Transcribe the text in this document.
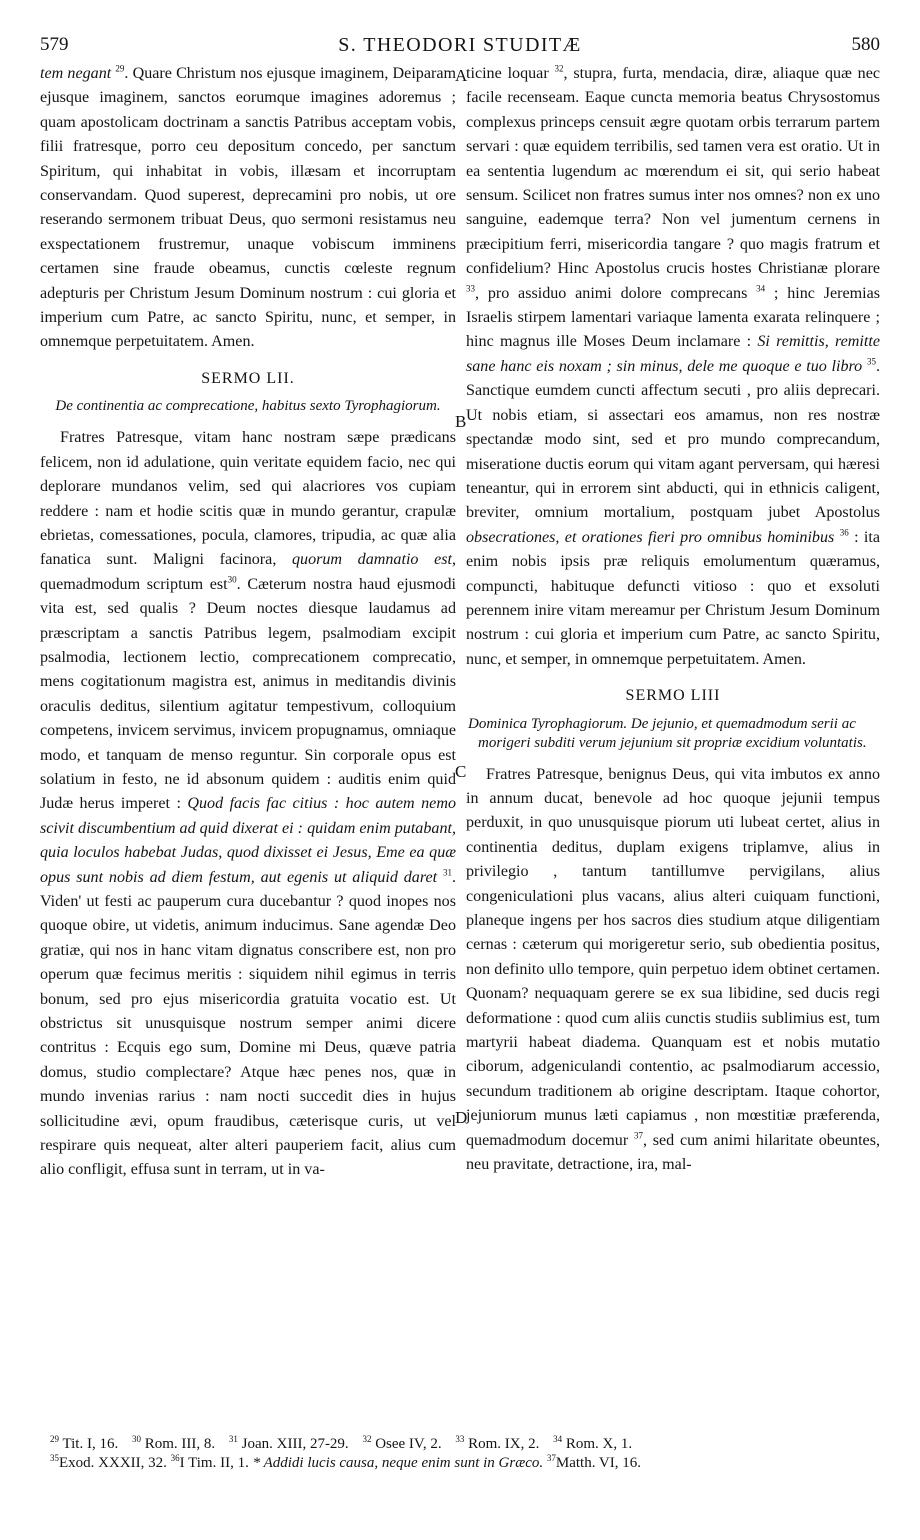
579	S. THEODORI STUDITÆ	580
A
B
C
D

tem negant $^{29}$. Quare Christum nos ejusque imaginem, Deiparam ejusque imaginem, sanctos eorumque imagines adoremus ; quam apostolicam doctrinam a sanctis Patribus acceptam vobis, filii fratresque, porro ceu depositum concedo, per sanctum Spiritum, qui inhabitat in vobis, illæsam et incorruptam conservandam. Quod superest, deprecamini pro nobis, ut ore reserando sermonem tribuat Deus, quo sermoni resistamus neu exspectationem frustremur, unaque vobiscum imminens certamen sine fraude obeamus, cunctis cœleste regnum adepturis per Christum Jesum Dominum nostrum : cui gloria et imperium cum Patre, ac sancto Spiritu, nunc, et semper, in omnemque perpetuitatem. Amen.

SERMO LII.

De continentia ac comprecatione, habitus sexto Tyrophagiorum.

Fratres Patresque, vitam hanc nostram sæpe prædicans felicem, non id adulatione, quin veritate equidem facio, nec qui deplorare mundanos velim, sed qui alacriores vos cupiam reddere : nam et hodie scitis quæ in mundo gerantur, crapulæ ebrietas, comessationes, pocula, clamores, tripudia, ac quæ alia fanatica sunt. Maligni facinora, quorum damnatio est, quemadmodum scriptum est$^{30}$. Cæterum nostra haud ejusmodi vita est, sed qualis ? Deum noctes diesque laudamus ad præscriptam a sanctis Patribus legem, psalmodiam excipit psalmodia, lectionem lectio, comprecationem comprecatio, mens cogitationum magistra est, animus in meditandis divinis oraculis deditus, silentium agitatur tempestivum, colloquium competens, invicem servimus, invicem propugnamus, omniaque modo, et tanquam de menso reguntur. Sin corporale opus est solatium in festo, ne id absonum quidem : auditis enim quid Judæ herus imperet : Quod facis fac citius : hoc autem nemo scivit discumbentium ad quid dixerat ei : quidam enim putabant, quia loculos habebat Judas, quod dixisset ei Jesus, Eme ea quæ opus sunt nobis ad diem festum, aut egenis ut aliquid daret $^{31}$. Viden' ut festi ac pauperum cura ducebantur ? quod inopes nos quoque obire, ut videtis, animum inducimus. Sane agendæ Deo gratiæ, qui nos in hanc vitam dignatus conscribere est, non pro operum quæ fecimus meritis : siquidem nihil egimus in terris bonum, sed pro ejus misericordia gratuita vocatio est. Ut obstrictus sit unusquisque nostrum semper animi dicere contritus : Ecquis ego sum, Domine mi Deus, quæve patria domus, studio complectare? Atque hæc penes nos, quæ in mundo invenias rarius : nam nocti succedit dies in hujus sollicitudine ævi, opum fraudibus, cæterisque curis, ut vel respirare quis nequeat, alter alteri pauperiem facit, alius cum alio confligit, effusa sunt in terram, ut in va-

ticine loquar $^{32}$, stupra, furta, mendacia, diræ, aliaque quæ nec facile recenseam. Eaque cuncta memoria beatus Chrysostomus complexus princeps censuit ægre quotam orbis terrarum partem servari : quæ equidem terribilis, sed tamen vera est oratio. Ut in ea sententia lugendum ac mœrendum ei sit, qui serio habeat sensum. Scilicet non fratres sumus inter nos omnes? non ex uno sanguine, eademque terra? Non vel jumentum cernens in præcipitium ferri, misericordia tangare ? quo magis fratrum et confidelium? Hinc Apostolus crucis hostes Christianæ plorare $^{33}$, pro assiduo animi dolore comprecans $^{34}$ ; hinc Jeremias Israelis stirpem lamentari variaque lamenta exarata relinquere ; hinc magnus ille Moses Deum inclamare : Si remittis, remitte sane hanc eis noxam ; sin minus, dele me quoque e tuo libro $^{35}$. Sanctique eumdem cuncti affectum secuti , pro aliis deprecari. Ut nobis etiam, si assectari eos amamus, non res nostræ spectandæ modo sint, sed et pro mundo comprecandum, miseratione ductis eorum qui vitam agant perversam, qui hæresi teneantur, qui in errorem sint abducti, qui in ethnicis caligent, breviter, omnium mortalium, postquam jubet Apostolus obsecrationes, et orationes fieri pro omnibus hominibus $^{36}$ : ita enim nobis ipsis præ reliquis emolumentum quæramus, compuncti, habituque defuncti vitioso : quo et exsoluti perennem inire vitam mereamur per Christum Jesum Dominum nostrum : cui gloria et imperium cum Patre, ac sancto Spiritu, nunc, et semper, in omnemque perpetuitatem. Amen.

SERMO LIII

Dominica Tyrophagiorum. De jejunio, et quemadmodum serii ac morigeri subditi verum jejunium sit propriæ excidium voluntatis.

Fratres Patresque, benignus Deus, qui vita imbutos ex anno in annum ducat, benevole ad hoc quoque jejunii tempus perduxit, in quo unusquisque piorum uti lubeat certet, alius in continentia deditus, duplam exigens triplamve, alius in privilegio , tantum tantillumve pervigilans, alius congeniculationi plus vacans, alius alteri cuiquam functioni, planeque ingens per hos sacros dies studium atque diligentiam cernas : cæterum qui morigeretur serio, sub obedientia positus, non definito ullo tempore, quin perpetuo idem obtinet certamen. Quonam? nequaquam gerere se ex sua libidine, sed ducis regi deformatione : quod cum aliis cunctis studiis sublimius est, tum martyrii habeat diadema. Quanquam est et nobis mutatio ciborum, adgeniculandi contentio, ac psalmodiarum accessio, secundum traditionem ab origine descriptam. Itaque cohortor, jejuniorum munus læti capiamus , non mœstitiæ præferenda, quemadmodum docemur $^{37}$, sed cum animi hilaritate obeuntes, neu pravitate, detractione, ira, mal-

$^{29}$ Tit. I, 16. $^{30}$ Rom. III, 8. $^{31}$ Joan. XIII, 27-29. $^{32}$ Osee IV, 2. $^{33}$ Rom. IX, 2. $^{34}$ Rom. X, 1.

$^{35}$Exod. XXXII, 32. $^{36}$I Tim. II, 1. * Addidi lucis causa, neque enim sunt in Græco. $^{37}$Matth. VI, 16.
